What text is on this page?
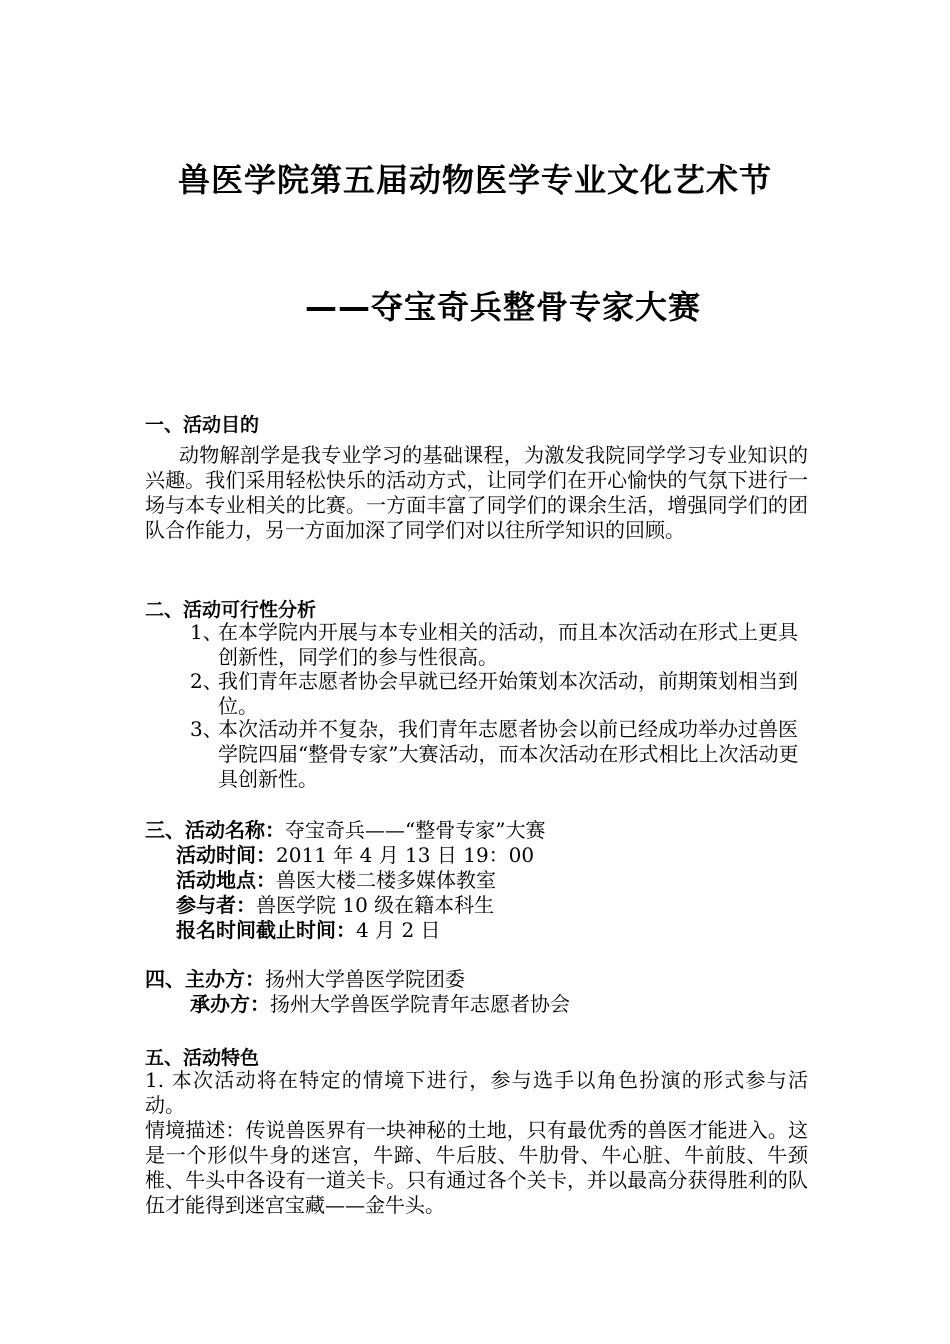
兽医学院第五届动物医学专业文化艺术节
——夺宝奇兵整骨专家大赛
一、活动目的

动物解剖学是我专业学习的基础课程，为激发我院同学学习专业知识的兴趣。我们采用轻松快乐的活动方式，让同学们在开心愉快的气氛下进行一场与本专业相关的比赛。一方面丰富了同学们的课余生活，增强同学们的团队合作能力，另一方面加深了同学们对以往所学知识的回顾。

二、活动可行性分析
1、
在本学院内开展与本专业相关的活动，而且本次活动在形式上更具创新性，同学们的参与性很高。
2、
我们青年志愿者协会早就已经开始策划本次活动，前期策划相当到位。
3、
本次活动并不复杂，我们青年志愿者协会以前已经成功举办过兽医学院四届“整骨专家”大赛活动，而本次活动在形式相比上次活动更具创新性。
三、活动名称：夺宝奇兵——“整骨专家”大赛
活动时间：2011 年 4 月 13 日 19：00
活动地点：兽医大楼二楼多媒体教室
参与者：兽医学院 10 级在籍本科生
报名时间截止时间：4 月 2 日
四、主办方：扬州大学兽医学院团委
承办方：扬州大学兽医学院青年志愿者协会
五、活动特色

1. 本次活动将在特定的情境下进行，参与选手以角色扮演的形式参与活动。

情境描述：传说兽医界有一块神秘的土地，只有最优秀的兽医才能进入。这是一个形似牛身的迷宫，牛蹄、牛后肢、牛肋骨、牛心脏、牛前肢、牛颈椎、牛头中各设有一道关卡。只有通过各个关卡，并以最高分获得胜利的队伍才能得到迷宫宝藏——金牛头。
